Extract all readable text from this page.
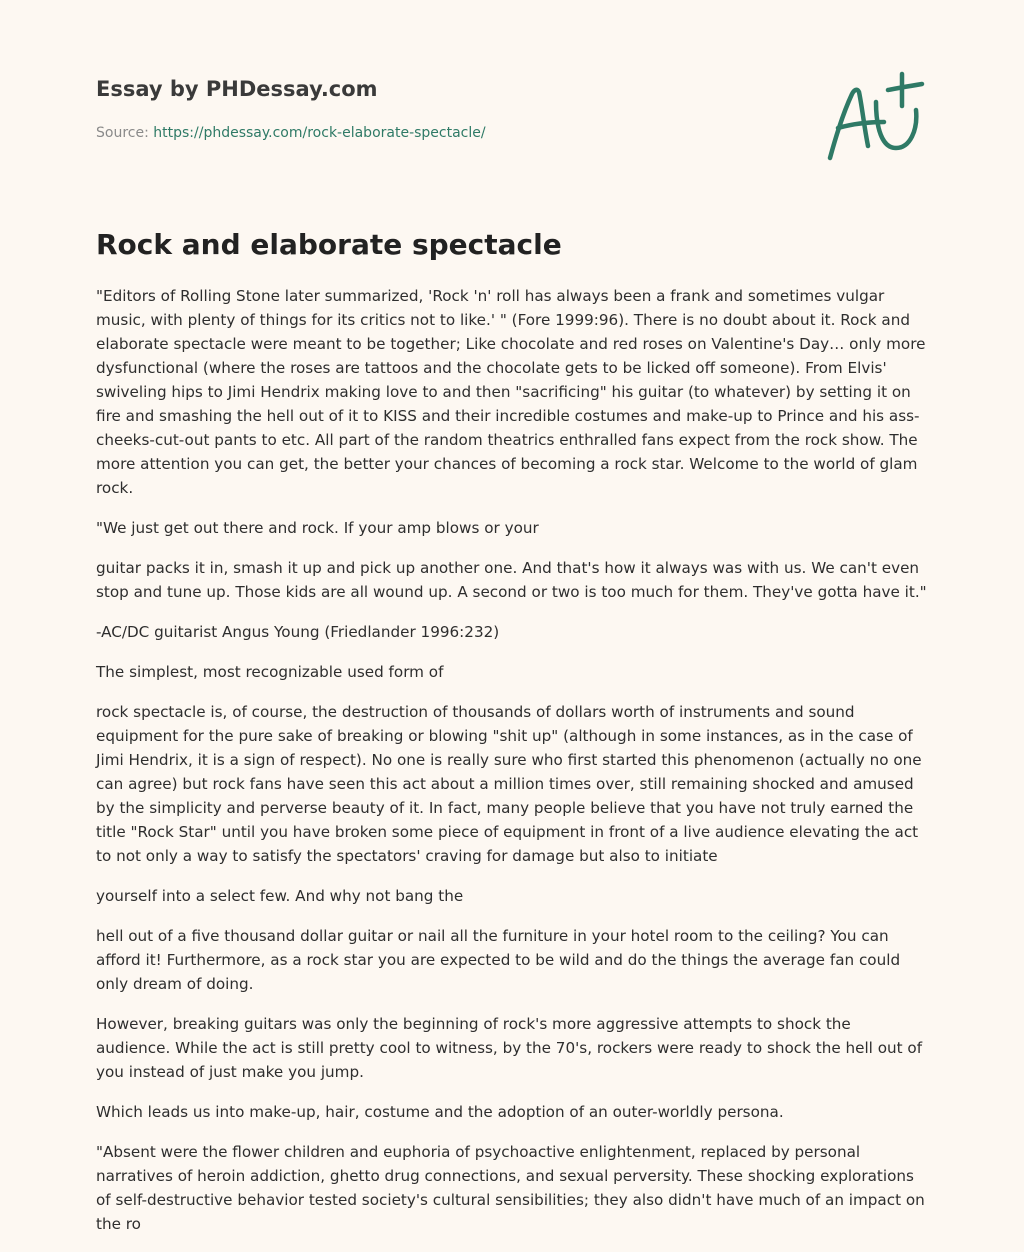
Essay by PHDessay.com
Source: https://phdessay.com/rock-elaborate-spectacle/
Rock and elaborate spectacle

"Editors of Rolling Stone later summarized, 'Rock 'n' roll has always been a frank and sometimes vulgar music, with plenty of things for its critics not to like.' " (Fore 1999:96). There is no doubt about it. Rock and elaborate spectacle were meant to be together; Like chocolate and red roses on Valentine's Day… only more dysfunctional (where the roses are tattoos and the chocolate gets to be licked off someone). From Elvis' swiveling hips to Jimi Hendrix making love to and then "sacrificing" his guitar (to whatever) by setting it on fire and smashing the hell out of it to KISS and their incredible costumes and make-up to Prince and his ass-cheeks-cut-out pants to etc. All part of the random theatrics enthralled fans expect from the rock show. The more attention you can get, the better your chances of becoming a rock star. Welcome to the world of glam rock.

"We just get out there and rock. If your amp blows or your

guitar packs it in, smash it up and pick up another one. And that's how it always was with us. We can't even stop and tune up. Those kids are all wound up. A second or two is too much for them. They've gotta have it."

-AC/DC guitarist Angus Young (Friedlander 1996:232)

The simplest, most recognizable used form of

rock spectacle is, of course, the destruction of thousands of dollars worth of instruments and sound equipment for the pure sake of breaking or blowing "shit up" (although in some instances, as in the case of Jimi Hendrix, it is a sign of respect). No one is really sure who first started this phenomenon (actually no one can agree) but rock fans have seen this act about a million times over, still remaining shocked and amused by the simplicity and perverse beauty of it. In fact, many people believe that you have not truly earned the title "Rock Star" until you have broken some piece of equipment in front of a live audience elevating the act to not only a way to satisfy the spectators' craving for damage but also to initiate

yourself into a select few. And why not bang the

hell out of a five thousand dollar guitar or nail all the furniture in your hotel room to the ceiling? You can afford it! Furthermore, as a rock star you are expected to be wild and do the things the average fan could only dream of doing.

However, breaking guitars was only the beginning of rock's more aggressive attempts to shock the audience. While the act is still pretty cool to witness, by the 70's, rockers were ready to shock the hell out of you instead of just make you jump.

Which leads us into make-up, hair, costume and the adoption of an outer-worldly persona.

"Absent were the flower children and euphoria of psychoactive enlightenment, replaced by personal narratives of heroin addiction, ghetto drug connections, and sexual perversity. These shocking explorations of self-destructive behavior tested society's cultural sensibilities; they also didn't have much of an impact on the ro
